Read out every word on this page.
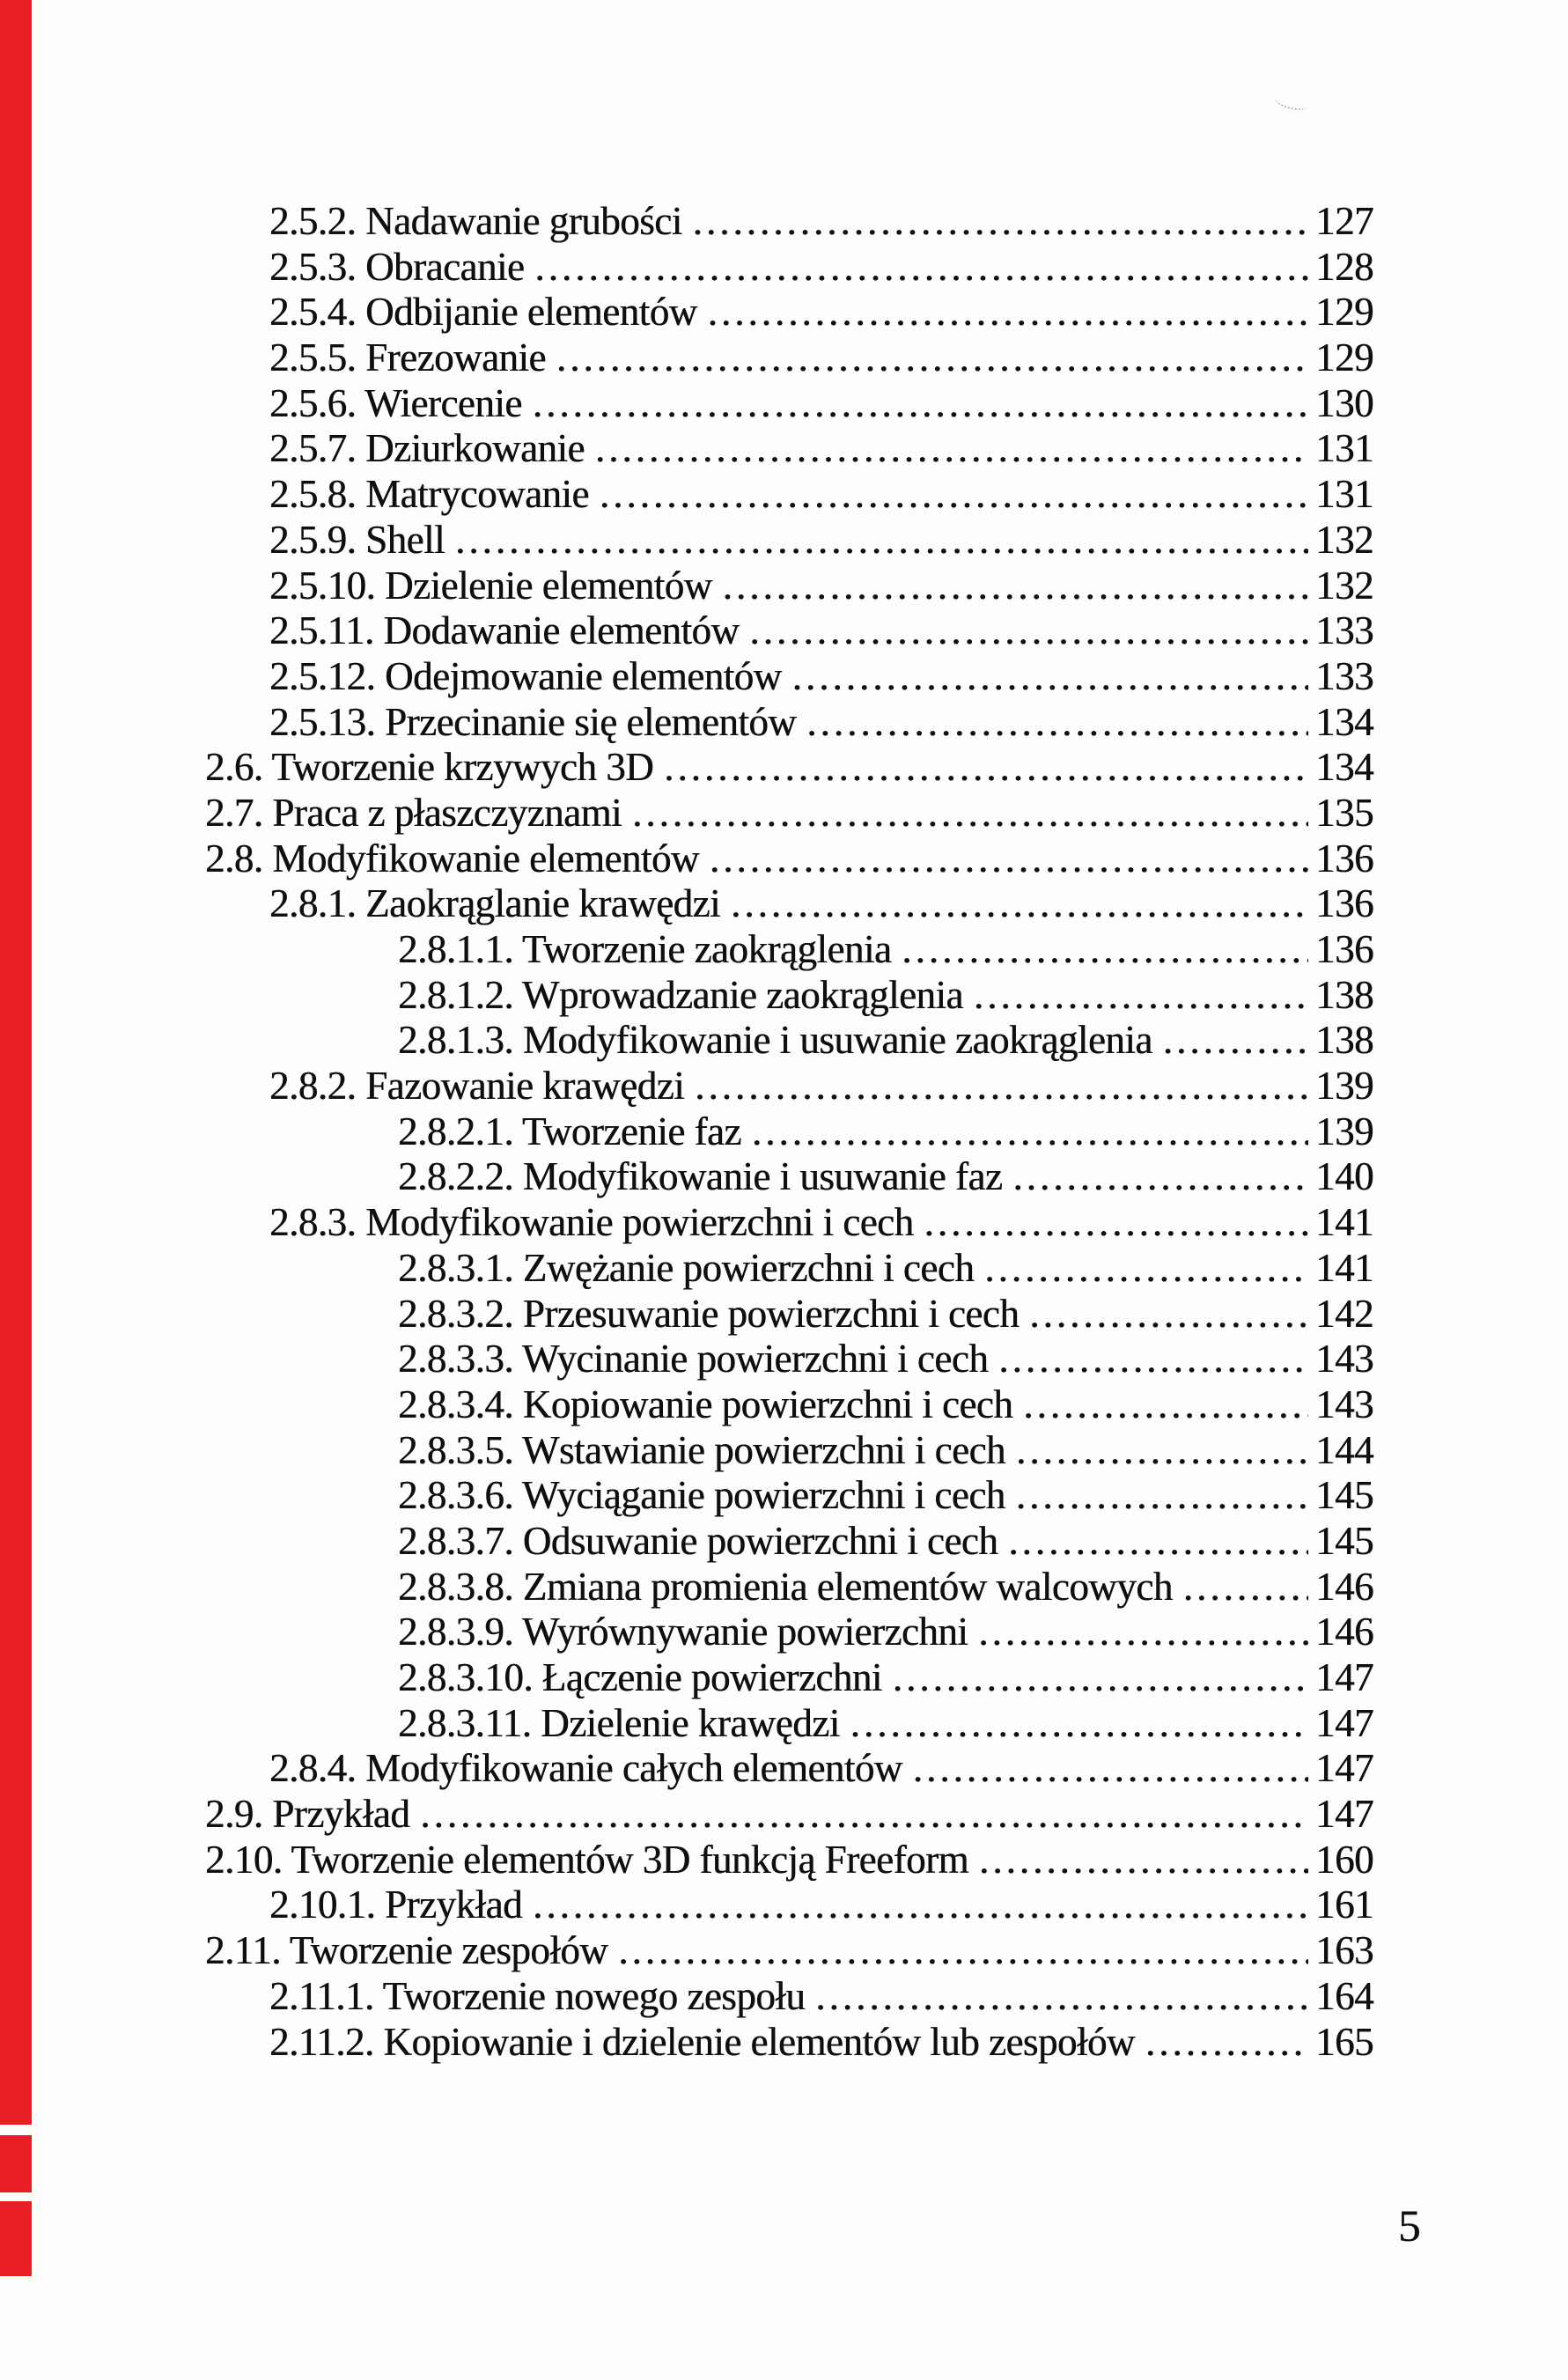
2.5.2. Nadawanie grubości .....	127
2.5.3. Obracanie .....	128
2.5.4. Odbijanie elementów .....	129
2.5.5. Frezowanie .....	129
2.5.6. Wiercenie .....	130
2.5.7. Dziurkowanie .....	131
2.5.8. Matrycowanie .....	131
2.5.9. Shell .....	132
2.5.10. Dzielenie elementów .....	132
2.5.11. Dodawanie elementów .....	133
2.5.12. Odejmowanie elementów .....	133
2.5.13. Przecinanie się elementów .....	134
2.6. Tworzenie krzywych 3D .....	134
2.7. Praca z płaszczyznami .....	135
2.8. Modyfikowanie elementów .....	136
2.8.1. Zaokrąglanie krawędzi .....	136
2.8.1.1. Tworzenie zaokrąglenia .....	136
2.8.1.2. Wprowadzanie zaokrąglenia .....	138
2.8.1.3. Modyfikowanie i usuwanie zaokrąglenia .....	138
2.8.2. Fazowanie krawędzi .....	139
2.8.2.1. Tworzenie faz .....	139
2.8.2.2. Modyfikowanie i usuwanie faz .....	140
2.8.3. Modyfikowanie powierzchni i cech .....	141
2.8.3.1. Zwężanie powierzchni i cech .....	141
2.8.3.2. Przesuwanie powierzchni i cech .....	142
2.8.3.3. Wycinanie powierzchni i cech .....	143
2.8.3.4. Kopiowanie powierzchni i cech .....	143
2.8.3.5. Wstawianie powierzchni i cech .....	144
2.8.3.6. Wyciąganie powierzchni i cech .....	145
2.8.3.7. Odsuwanie powierzchni i cech .....	145
2.8.3.8. Zmiana promienia elementów walcowych .....	146
2.8.3.9. Wyrównywanie powierzchni .....	146
2.8.3.10. Łączenie powierzchni .....	147
2.8.3.11. Dzielenie krawędzi .....	147
2.8.4. Modyfikowanie całych elementów .....	147
2.9. Przykład .....	147
2.10. Tworzenie elementów 3D funkcją Freeform .....	160
2.10.1. Przykład .....	161
2.11. Tworzenie zespołów .....	163
2.11.1. Tworzenie nowego zespołu .....	164
2.11.2. Kopiowanie i dzielenie elementów lub zespołów .....	165
5
